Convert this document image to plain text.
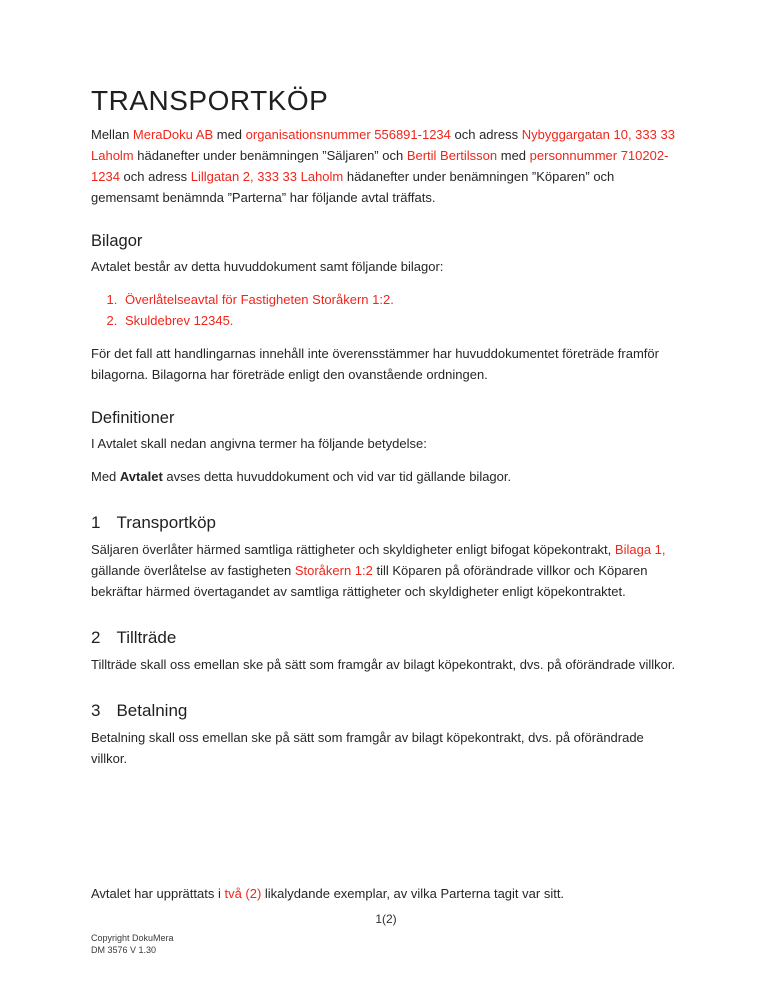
TRANSPORTKÖP

Mellan MeraDoku AB med organisationsnummer 556891-1234 och adress Nybyggargatan 10, 333 33 Laholm hädanefter under benämningen ”Säljaren” och Bertil Bertilsson med personnummer 710202-1234 och adress Lillgatan 2, 333 33 Laholm hädanefter under benämningen ”Köparen” och gemensamt benämnda ”Parterna” har följande avtal träffats.

Bilagor

Avtalet består av detta huvuddokument samt följande bilagor:

1. Överlåtelseavtal för Fastigheten Storåkern 1:2.
2. Skuldebrev 12345.

För det fall att handlingarnas innehåll inte överensstämmer har huvuddokumentet företräde framför bilagorna. Bilagorna har företräde enligt den ovanstående ordningen.

Definitioner

I Avtalet skall nedan angivna termer ha följande betydelse:

Med Avtalet avses detta huvuddokument och vid var tid gällande bilagor.

1 Transportköp

Säljaren överlåter härmed samtliga rättigheter och skyldigheter enligt bifogat köpekontrakt, Bilaga 1, gällande överlåtelse av fastigheten Storåkern 1:2 till Köparen på oförändrade villkor och Köparen bekräftar härmed övertagandet av samtliga rättigheter och skyldigheter enligt köpekontraktet.

2 Tillträde

Tillträde skall oss emellan ske på sätt som framgår av bilagt köpekontrakt, dvs. på oförändrade villkor.

3 Betalning

Betalning skall oss emellan ske på sätt som framgår av bilagt köpekontrakt, dvs. på oförändrade villkor.

Avtalet har upprättats i två (2) likalydande exemplar, av vilka Parterna tagit var sitt.

1(2)
Copyright DokuMera
DM 3576 V 1.30
